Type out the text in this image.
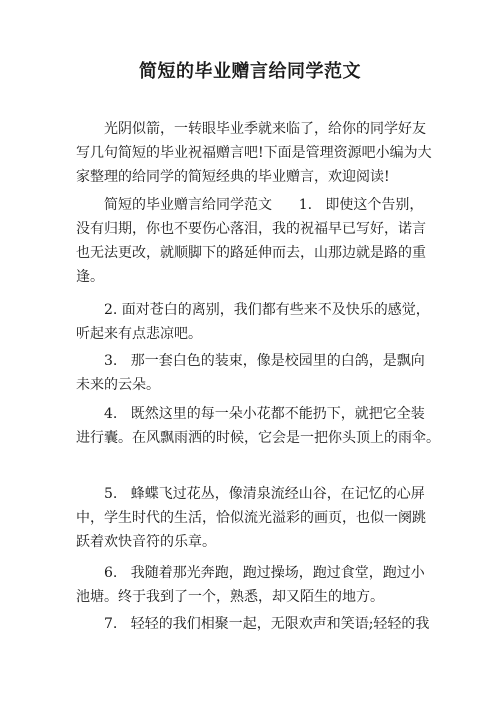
简短的毕业赠言给同学范文

光阴似箭，一转眼毕业季就来临了，给你的同学好友
写几句简短的毕业祝福赠言吧!下面是管理资源吧小编为大
家整理的给同学的简短经典的毕业赠言，欢迎阅读!

简短的毕业赠言给同学范文      1.   即使这个告别，
没有归期，你也不要伤心落泪，我的祝福早已写好，诺言
也无法更改，就顺脚下的路延伸而去，山那边就是路的重
逢。

2. 面对苍白的离别，我们都有些来不及快乐的感觉，
听起来有点悲凉吧。

3.   那一套白色的装束，像是校园里的白鸽，是飘向
未来的云朵。

4.   既然这里的每一朵小花都不能扔下，就把它全装
进行囊。在风飘雨洒的时候，它会是一把你头顶上的雨伞。

5.   蜂蝶飞过花丛，像清泉流经山谷，在记忆的心屏
中，学生时代的生活，恰似流光溢彩的画页，也似一阕跳
跃着欢快音符的乐章。

6.   我随着那光奔跑，跑过操场，跑过食堂，跑过小
池塘。终于我到了一个，熟悉，却又陌生的地方。

7.   轻轻的我们相聚一起，无限欢声和笑语;轻轻的我
